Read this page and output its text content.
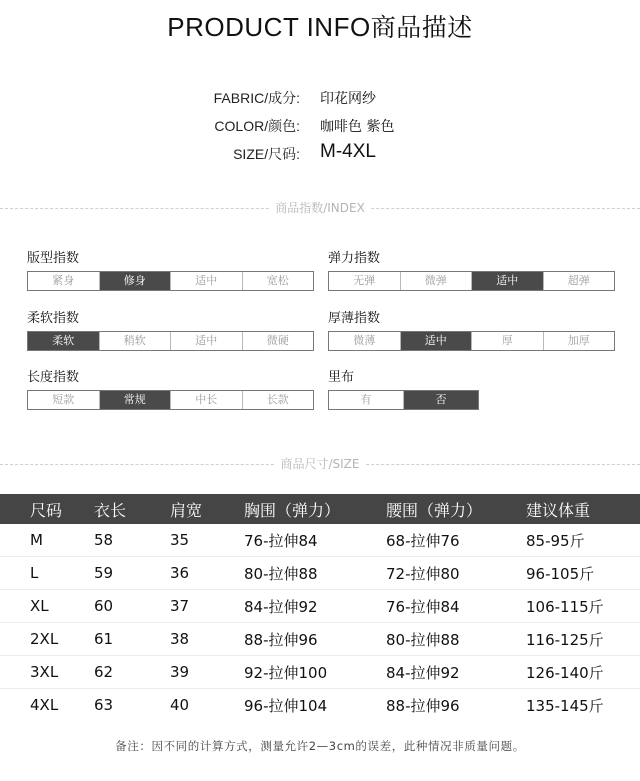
PRODUCT INFO商品描述
FABRIC/成分: 印花网纱
COLOR/颜色: 咖啡色 紫色
SIZE/尺码: M-4XL
商品指数/INDEX
版型指数
紧身	修身	适中	宽松
弹力指数
无弹	微弹	适中	超弹
柔软指数
柔软	稍软	适中	微硬
厚薄指数
微薄	适中	厚	加厚
长度指数
短款	常规	中长	长款
里布
有	否
商品尺寸/SIZE
尺码	衣长	肩宽	胸围（弹力）	腰围（弹力）	建议体重
M	58	35	76-拉伸84	68-拉伸76	85-95斤
L	59	36	80-拉伸88	72-拉伸80	96-105斤
XL	60	37	84-拉伸92	76-拉伸84	106-115斤
2XL	61	38	88-拉伸96	80-拉伸88	116-125斤
3XL	62	39	92-拉伸100	84-拉伸92	126-140斤
4XL	63	40	96-拉伸104	88-拉伸96	135-145斤
备注：因不同的计算方式，测量允许2—3cm的误差，此种情况非质量问题。
